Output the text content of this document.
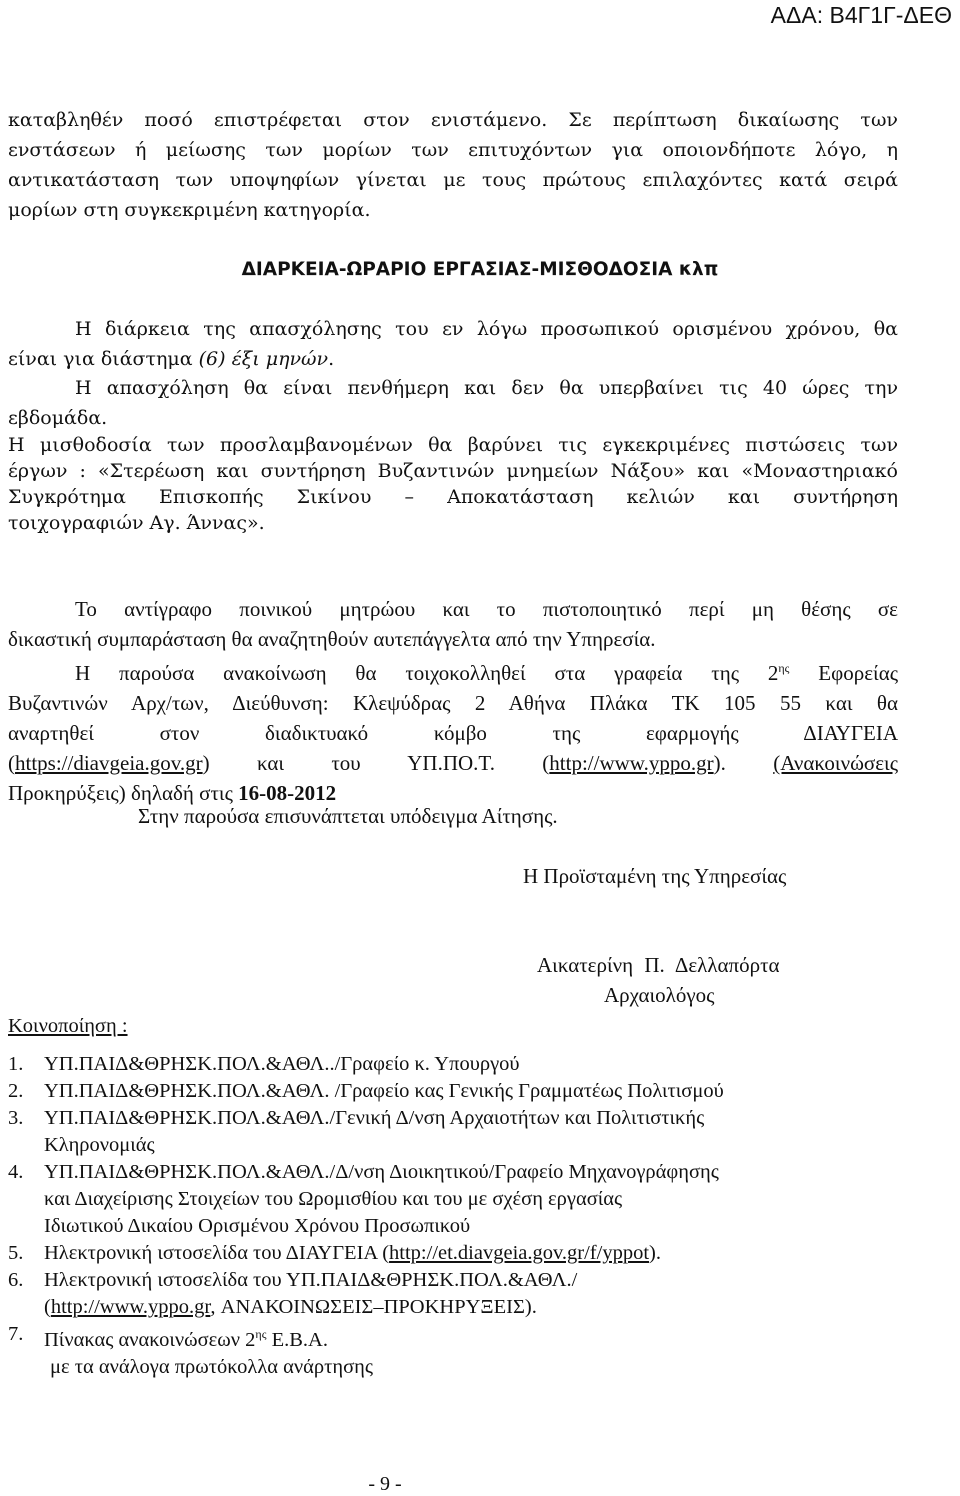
ΑΔΑ: Β4Γ1Γ-ΔΕΘ
καταβληθέν ποσό επιστρέφεται στον ενιστάμενο. Σε περίπτωση δικαίωσης των
ενστάσεων ή μείωσης των μορίων των επιτυχόντων για οποιονδήποτε λόγο, η
αντικατάσταση των υποψηφίων γίνεται με τους πρώτους επιλαχόντες κατά σειρά
μορίων στη συγκεκριμένη κατηγορία.
ΔΙΑΡΚΕΙΑ-ΩΡΑΡΙΟ ΕΡΓΑΣΙΑΣ-ΜΙΣΘΟΔΟΣΙΑ κλπ
Η διάρκεια της απασχόλησης του εν λόγω προσωπικού ορισμένου χρόνου, θα
είναι για διάστημα (6) έξι μηνών.
Η απασχόληση θα είναι πενθήμερη και δεν θα υπερβαίνει τις 40 ώρες την
εβδομάδα.
Η μισθοδοσία των προσλαμβανομένων θα βαρύνει τις εγκεκριμένες πιστώσεις των
έργων : «Στερέωση και συντήρηση Βυζαντινών μνημείων Νάξου» και «Μοναστηριακό
Συγκρότημα Επισκοπής Σικίνου – Αποκατάσταση κελιών και συντήρηση
τοιχογραφιών Αγ. Άννας».
Το αντίγραφο ποινικού μητρώου και το πιστοποιητικό περί μη θέσης σε
δικαστική συμπαράσταση θα αναζητηθούν αυτεπάγγελτα από την Υπηρεσία.
Η παρούσα ανακοίνωση θα τοιχοκολληθεί στα γραφεία της $2^{\eta\varsigma}$ Εφορείας
Βυζαντινών Αρχ/των, Διεύθυνση: Κλεψύδρας 2 Αθήνα Πλάκα ΤΚ 105 55 και θα
αναρτηθεί στον διαδικτυακό κόμβο της εφαρμογής ΔΙΑΥΓΕΙΑ
(https://diavgeia.gov.gr) και του ΥΠ.ΠΟ.Τ. (http://www.yppo.gr). (Ανακοινώσεις
Προκηρύξεις) δηλαδή στις 16-08-2012
Στην παρούσα επισυνάπτεται υπόδειγμα Αίτησης.
Η Προϊσταμένη της Υπηρεσίας
Αικατερίνη Π. Δελλαπόρτα
Αρχαιολόγος
Κοινοποίηση :
1. ΥΠ.ΠΑΙΔ&ΘΡΗΣΚ.ΠΟΛ.&ΑΘΛ../Γραφείο κ. Υπουργού
2. ΥΠ.ΠΑΙΔ&ΘΡΗΣΚ.ΠΟΛ.&ΑΘΛ. /Γραφείο κας Γενικής Γραμματέως Πολιτισμού
3. ΥΠ.ΠΑΙΔ&ΘΡΗΣΚ.ΠΟΛ.&ΑΘΛ./Γενική Δ/νση Αρχαιοτήτων και Πολιτιστικής
Κληρονομιάς
4. ΥΠ.ΠΑΙΔ&ΘΡΗΣΚ.ΠΟΛ.&ΑΘΛ./Δ/νση Διοικητικού/Γραφείο Μηχανογράφησης
και Διαχείρισης Στοιχείων του Ωρομισθίου και του με σχέση εργασίας
Ιδιωτικού Δικαίου Ορισμένου Χρόνου Προσωπικού
5. Ηλεκτρονική ιστοσελίδα του ΔΙΑΥΓΕΙΑ (http://et.diavgeia.gov.gr/f/yppot).
6. Ηλεκτρονική ιστοσελίδα του ΥΠ.ΠΑΙΔ&ΘΡΗΣΚ.ΠΟΛ.&ΑΘΛ./
(http://www.yppo.gr, ΑΝΑΚΟΙΝΩΣΕΙΣ–ΠΡΟΚΗΡΥΞΕΙΣ).
7. Πίνακας ανακοινώσεων $2^{\eta\varsigma}$ Ε.Β.Α.
με τα ανάλογα πρωτόκολλα ανάρτησης
- 9 -
